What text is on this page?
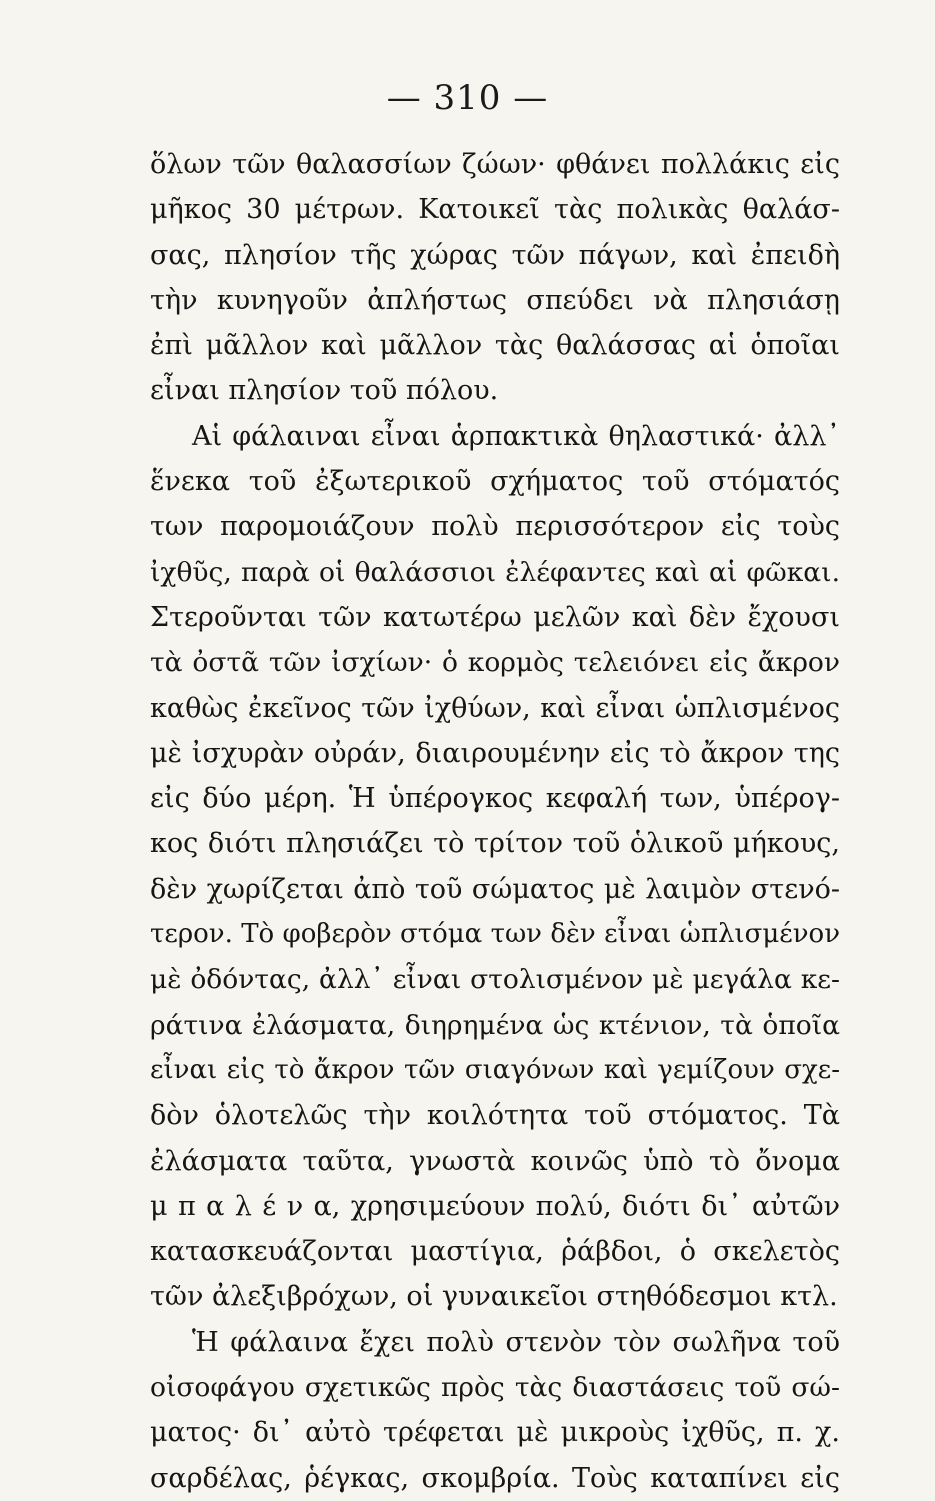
— 310 —
ὅλων τῶν θαλασσίων ζώων· φθάνει πολλάκις εἰς
μῆκος 30 μέτρων. Κατοικεῖ τὰς πολικὰς θαλάσ-
σας, πλησίον τῆς χώρας τῶν πάγων, καὶ ἐπειδὴ
τὴν κυνηγοῦν ἀπλήστως σπεύδει νὰ πλησιάσῃ
ἐπὶ μᾶλλον καὶ μᾶλλον τὰς θαλάσσας αἱ ὁποῖαι
εἶναι πλησίον τοῦ πόλου.
Αἱ φάλαιναι εἶναι ἁρπακτικὰ θηλαστικά· ἀλλ᾽
ἕνεκα τοῦ ἐξωτερικοῦ σχήματος τοῦ στόματός
των παρομοιάζουν πολὺ περισσότερον εἰς τοὺς
ἰχθῦς, παρὰ οἱ θαλάσσιοι ἐλέφαντες καὶ αἱ φῶκαι.
Στεροῦνται τῶν κατωτέρω μελῶν καὶ δὲν ἔχουσι
τὰ ὀστᾶ τῶν ἰσχίων· ὁ κορμὸς τελειόνει εἰς ἄκρον
καθὼς ἐκεῖνος τῶν ἰχθύων, καὶ εἶναι ὡπλισμένος
μὲ ἰσχυρὰν οὐράν, διαιρουμένην εἰς τὸ ἄκρον της
εἰς δύο μέρη. Ἡ ὑπέρογκος κεφαλή των, ὑπέρογ-
κος διότι πλησιάζει τὸ τρίτον τοῦ ὁλικοῦ μήκους,
δὲν χωρίζεται ἀπὸ τοῦ σώματος μὲ λαιμὸν στενό-
τερον. Τὸ φοβερὸν στόμα των δὲν εἶναι ὡπλισμένον
μὲ ὀδόντας, ἀλλ᾽ εἶναι στολισμένον μὲ μεγάλα κε-
ράτινα ἐλάσματα, διηρημένα ὡς κτένιον, τὰ ὁποῖα
εἶναι εἰς τὸ ἄκρον τῶν σιαγόνων καὶ γεμίζουν σχε-
δὸν ὁλοτελῶς τὴν κοιλότητα τοῦ στόματος. Τὰ
ἐλάσματα ταῦτα, γνωστὰ κοινῶς ὑπὸ τὸ ὄνομα
μ π α λ έ ν α, χρησιμεύουν πολύ, διότι δι᾽ αὐτῶν
κατασκευάζονται μαστίγια, ῥάβδοι, ὁ σκελετὸς
τῶν ἀλεξιβρόχων, οἱ γυναικεῖοι στηθόδεσμοι κτλ.
Ἡ φάλαινα ἔχει πολὺ στενὸν τὸν σωλῆνα τοῦ
οἰσοφάγου σχετικῶς πρὸς τὰς διαστάσεις τοῦ σώ-
ματος· δι᾽ αὐτὸ τρέφεται μὲ μικροὺς ἰχθῦς, π. χ.
σαρδέλας, ῥέγκας, σκομβρία. Τοὺς καταπίνει εἰς
